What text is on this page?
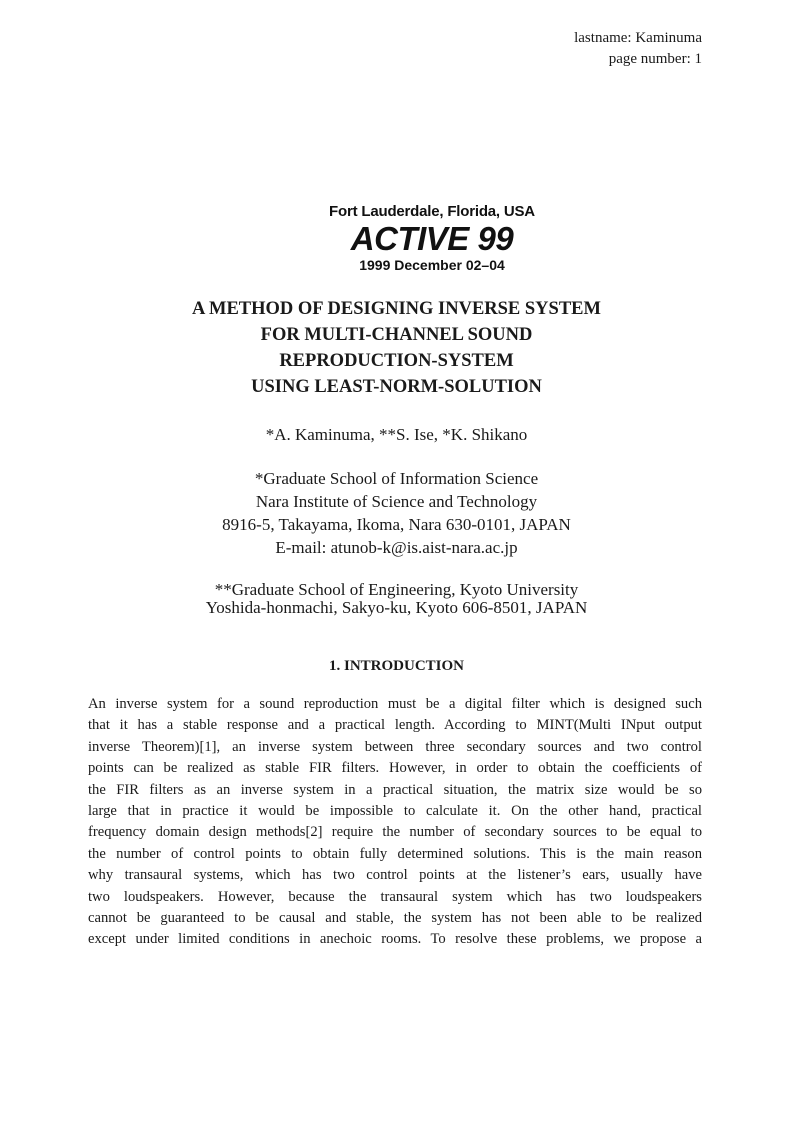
lastname: Kaminuma
page number: 1
Fort Lauderdale, Florida, USA
ACTIVE 99
1999 December 02–04
A METHOD OF DESIGNING INVERSE SYSTEM
FOR MULTI-CHANNEL SOUND
REPRODUCTION-SYSTEM
USING LEAST-NORM-SOLUTION
*A. Kaminuma, **S. Ise, *K. Shikano
*Graduate School of Information Science
Nara Institute of Science and Technology
8916-5, Takayama, Ikoma, Nara 630-0101, JAPAN
E-mail: atunob-k@is.aist-nara.ac.jp
**Graduate School of Engineering, Kyoto University
Yoshida-honmachi, Sakyo-ku, Kyoto 606-8501, JAPAN
1. INTRODUCTION
An inverse system for a sound reproduction must be a digital filter which is designed such
that it has a stable response and a practical length. According to MINT(Multi INput output
inverse Theorem)[1], an inverse system between three secondary sources and two control
points can be realized as stable FIR filters. However, in order to obtain the coefficients of
the FIR filters as an inverse system in a practical situation, the matrix size would be so
large that in practice it would be impossible to calculate it. On the other hand, practical
frequency domain design methods[2] require the number of secondary sources to be equal to
the number of control points to obtain fully determined solutions. This is the main reason
why transaural systems, which has two control points at the listener’s ears, usually have
two loudspeakers. However, because the transaural system which has two loudspeakers
cannot be guaranteed to be causal and stable, the system has not been able to be realized
except under limited conditions in anechoic rooms. To resolve these problems, we propose a
